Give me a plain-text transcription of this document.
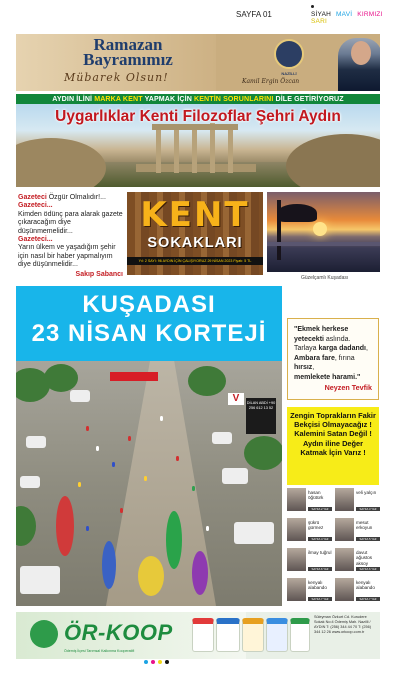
SAYFA 01	SİYAH MAVİ KIRMIZI SARI
Ramazan
Bayramımız
Mübarek Olsun!	NAZİLLİ
Kamil Ergin Özcan
AYDIN İLİNİ MARKA KENT YAPMAK İÇİN KENTİN SORUNLARINI DİLE GETİRİYORUZ
Uygarlıklar Kenti Filozoflar Şehri Aydın
Gazeteci Özgür Olmalıdır!...
Gazeteci...
Kimden ödünç para alarak gazete çıkaracağım diye düşünmemelidir...
Gazeteci...
Yarın ülkem ve yaşadığım şehir için nasıl bir haber yapmalıyım diye düşünmelidir...
Sakıp Sabancı
KENT
SOKAKLARI
Yıl: 2 SAYI: 96 AYDIN İÇİN ÇALIŞIYORUZ 29 NİSAN 2023 Fiyatı: 5 TL
Güzelçamlı Kuşadası
V	DİLAN ABDİ +90 256 612 13 52
KUŞADASI
23 NİSAN KORTEJİ	"Ekmek herkese yetecekti aslında.
Tarlaya karga dadandı,
Ambara fare, fırına hırsız,
memlekete harami."
Neyzen Tevfik
Zengin Toprakların Fakir Bekçisi Olmayacağız ! Kalemini Satan Değil ! Aydın iline Değer Katmak İçin Varız !
hasan öğütürk
SAYFA 2 YAZ
veli yalçın
SAYFA 3 YAZ
şükrü gürmez
SAYFA 4 YAZ
mesut erkoyun
SAYFA 5 YAZ
ilmay tuğrul
SAYFA 6 YAZ
davut ağustos aksoy
SAYFA 6 YAZ
kenyalı alabando
SAYFA 7 YAZ
kenyalı alabando
SAYFA 7 YAZ
ÖR-KOOP
Ödemiş İlçesi Tarımsal Kalkınma Kooperatifi
Süleyman Özkurt Cd. Kurudere Sokak No:4 Ödemiş Mah. Nazilli / AYDIN T: (256) 344 44 70 T: (256) 344 12 26 www.orkoop.com.tr
